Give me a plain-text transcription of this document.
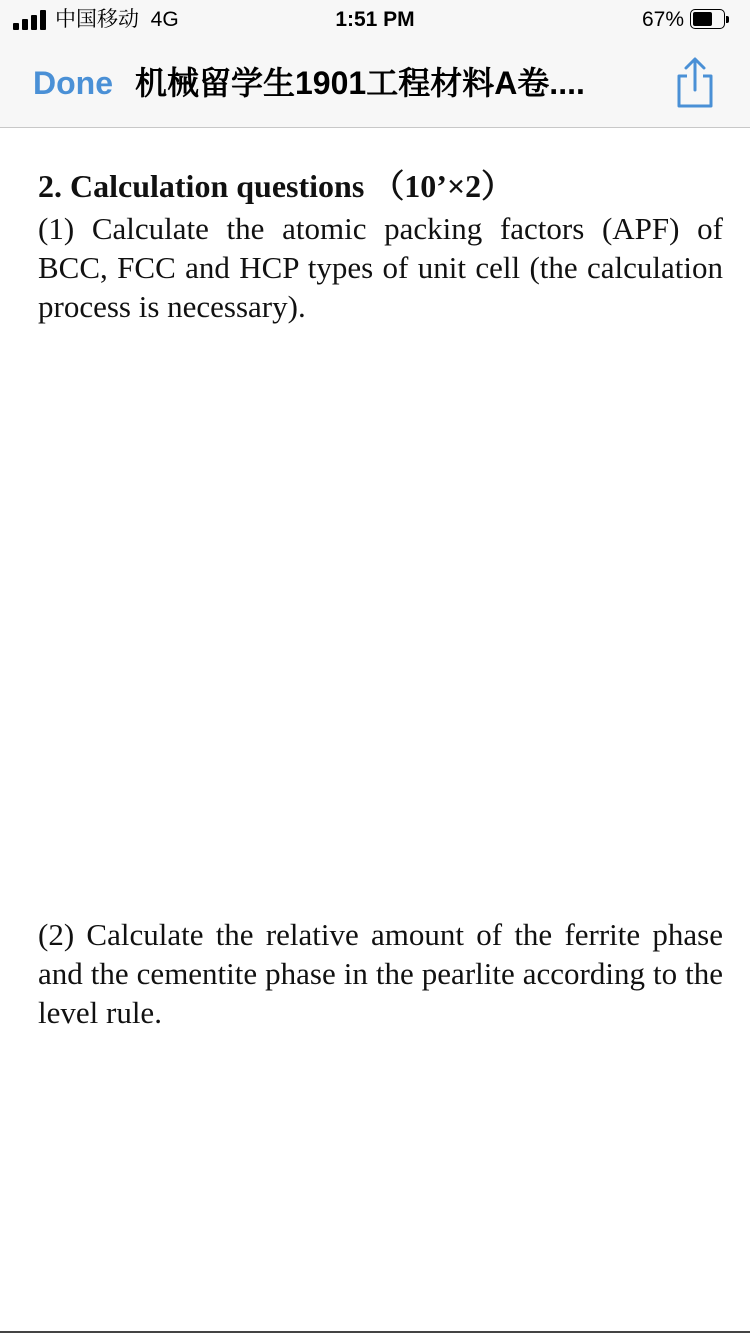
中国移动 4G	1:51 PM	67%
Done 机械留学生1901工程材料A卷....
2. Calculation questions （10’×2）
(1) Calculate the atomic packing factors (APF) of BCC, FCC and HCP types of unit cell (the calculation process is necessary).
(2) Calculate the relative amount of the ferrite phase and the cementite phase in the pearlite according to the level rule.
